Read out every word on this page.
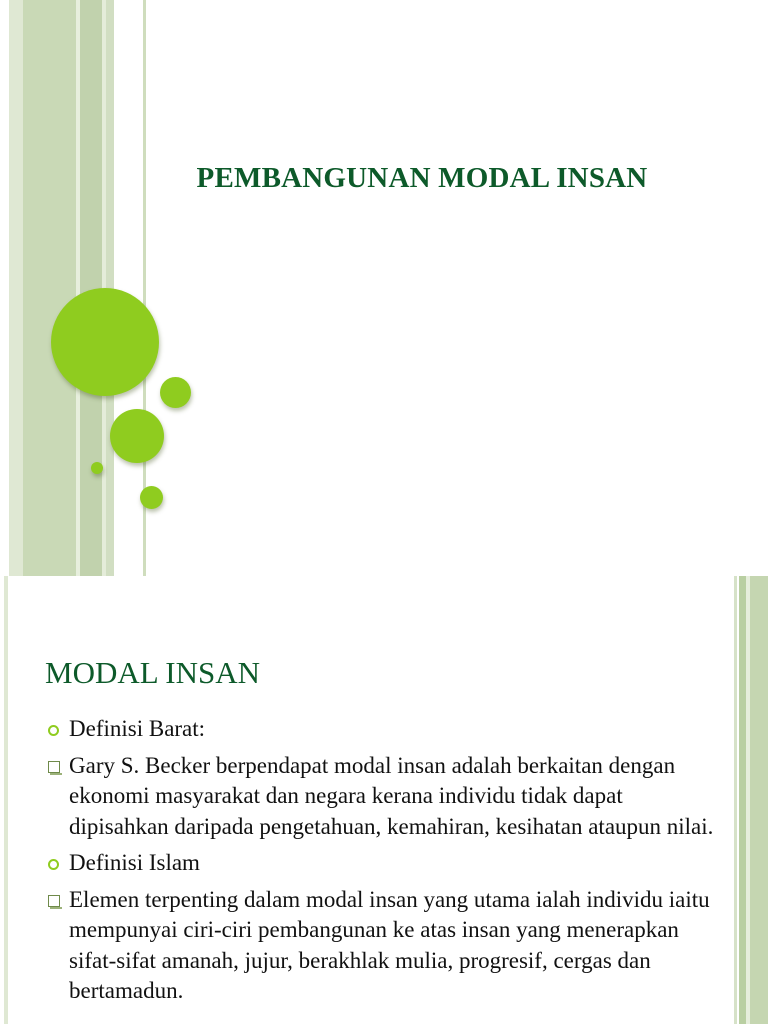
PEMBANGUNAN MODAL INSAN
MODAL INSAN
Definisi Barat:
Gary S. Becker berpendapat modal insan adalah berkaitan dengan ekonomi masyarakat dan negara kerana individu tidak dapat dipisahkan daripada pengetahuan, kemahiran, kesihatan ataupun nilai.
Definisi Islam
Elemen terpenting dalam modal insan yang utama ialah individu iaitu mempunyai ciri-ciri pembangunan ke atas insan yang menerapkan sifat-sifat amanah, jujur, berakhlak mulia, progresif, cergas dan bertamadun.
